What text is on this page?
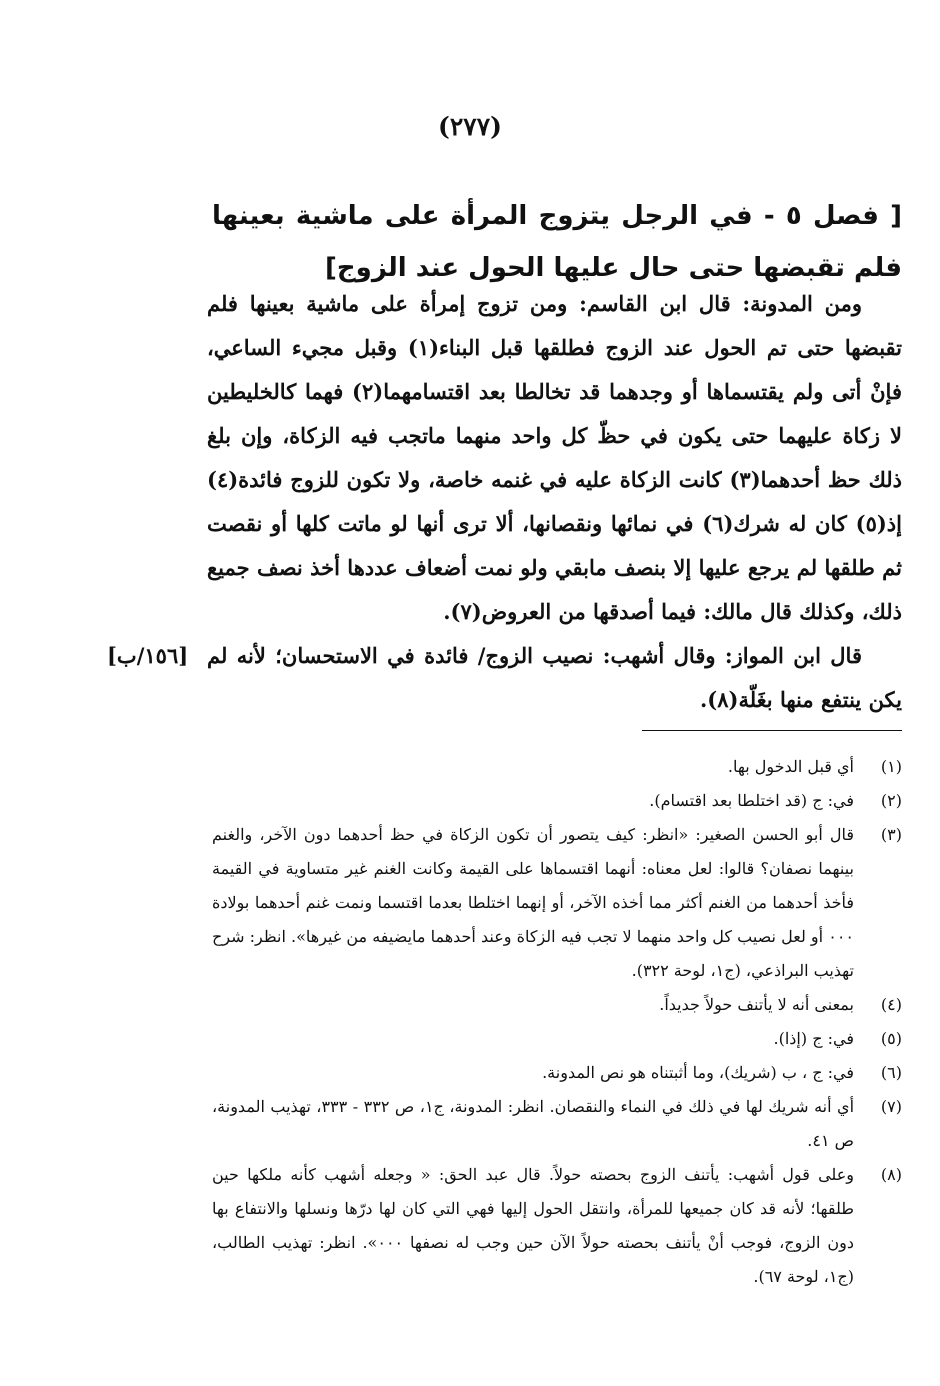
(٢٧٧)
[ فصل ٥ - في الرجل يتزوج المرأة على ماشية بعينها فلم تقبضها حتى حال عليها الحول عند الزوج]

ومن المدونة: قال ابن القاسم: ومن تزوج إمرأة على ماشية بعينها فلم تقبضها حتى تم الحول عند الزوج فطلقها قبل البناء(١) وقبل مجيء الساعي، فإنْ أتى ولم يقتسماها أو وجدهما قد تخالطا بعد اقتسامهما(٢) فهما كالخليطين لا زكاة عليهما حتى يكون في حظّ كل واحد منهما ماتجب فيه الزكاة، وإن بلغ ذلك حظ أحدهما(٣) كانت الزكاة عليه في غنمه خاصة، ولا تكون للزوج فائدة(٤) إذ(٥) كان له شرك(٦) في نمائها ونقصانها، ألا ترى أنها لو ماتت كلها أو نقصت ثم طلقها لم يرجع عليها إلا بنصف مابقي ولو نمت أضعاف عددها أخذ نصف جميع ذلك، وكذلك قال مالك: فيما أصدقها من العروض(٧).

[١٥٦/ب] قال ابن المواز: وقال أشهب: نصيب الزوج/ فائدة في الاستحسان؛ لأنه لم يكن ينتفع منها بغَلّة(٨).

(١)
أي قبل الدخول بها.
(٢)
في: ج (قد اختلطا بعد اقتسام).
(٣)
قال أبو الحسن الصغير: «انظر: كيف يتصور أن تكون الزكاة في حظ أحدهما دون الآخر، والغنم بينهما نصفان؟ قالوا: لعل معناه: أنهما اقتسماها على القيمة وكانت الغنم غير متساوية في القيمة فأخذ أحدهما من الغنم أكثر مما أخذه الآخر، أو إنهما اختلطا بعدما اقتسما ونمت غنم أحدهما بولادة ٠٠٠ أو لعل نصيب كل واحد منهما لا تجب فيه الزكاة وعند أحدهما مايضيفه من غيرها». انظر: شرح تهذيب البراذعي، (ج١، لوحة ٣٢٢).
(٤)
بمعنى أنه لا يأتنف حولاً جديداً.
(٥)
في: ج (إذا).
(٦)
في: ج ، ب (شريك)، وما أثبتناه هو نص المدونة.
(٧)
أي أنه شريك لها في ذلك في النماء والنقصان. انظر: المدونة، ج١، ص ٣٣٢ - ٣٣٣، تهذيب المدونة، ص ٤١.
(٨)
وعلى قول أشهب: يأتنف الزوج بحصته حولاً. قال عبد الحق: « وجعله أشهب كأنه ملكها حين طلقها؛ لأنه قد كان جميعها للمرأة، وانتقل الحول إليها فهي التي كان لها درّها ونسلها والانتفاع بها دون الزوج، فوجب أنْ يأتنف بحصته حولاً الآن حين وجب له نصفها ٠٠٠». انظر: تهذيب الطالب، (ج١، لوحة ٦٧).
